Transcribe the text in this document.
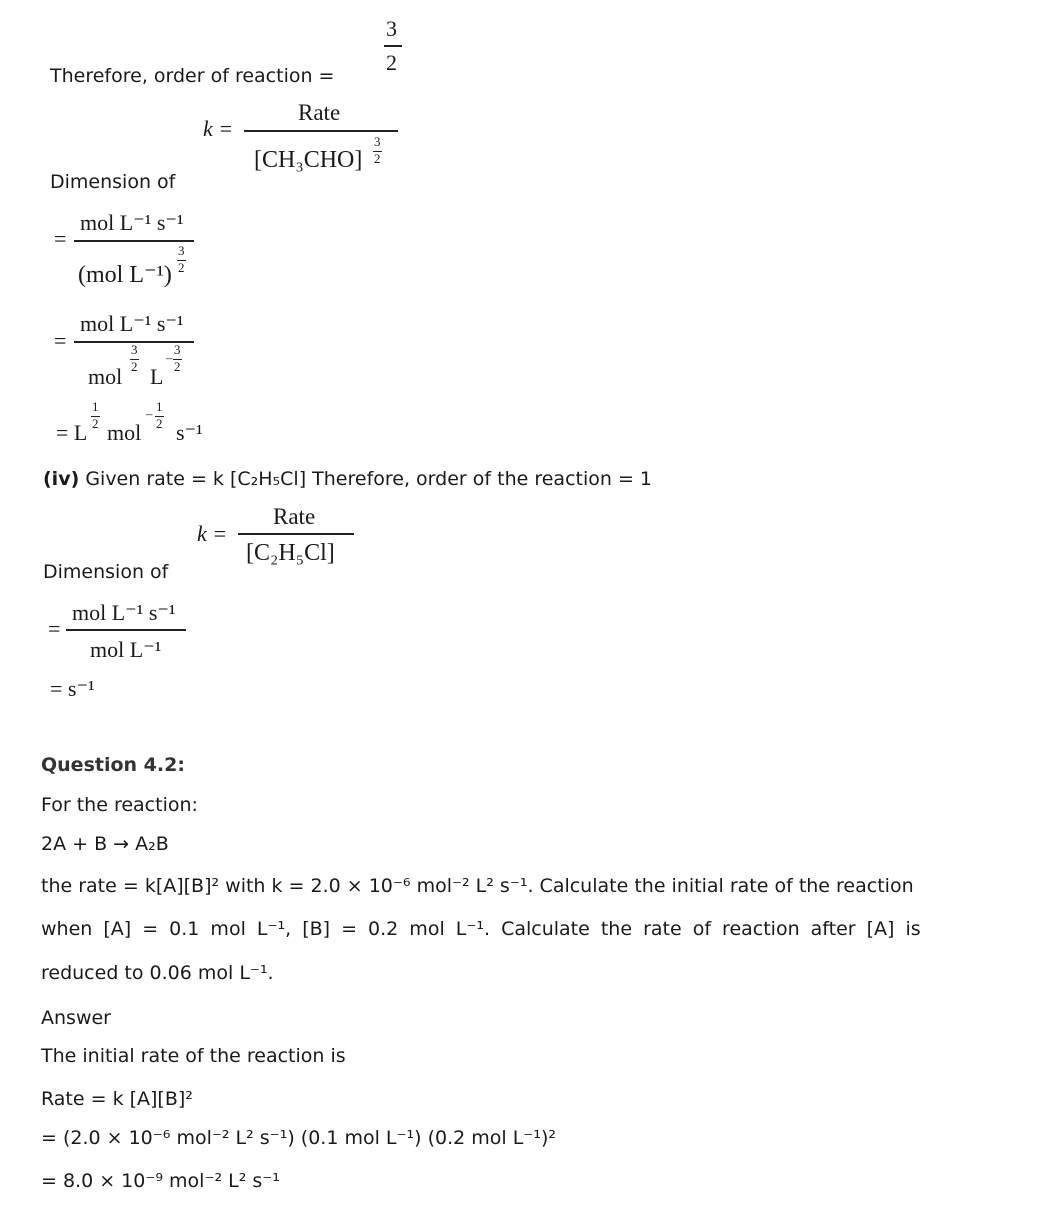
3
2
Therefore, order of reaction =
k =
Rate
[CH₃CHO]
3
2
Dimension of
=
mol L⁻¹ s⁻¹
(mol L⁻¹)
3
2
=
mol L⁻¹ s⁻¹
mol
3
2 L
–
3
2
= L
1
2 mol
– 1
2 s⁻¹
(iv) Given rate = k [C₂H₅Cl] Therefore, order of the reaction = 1
k =
Rate
[C₂H₅Cl]
Dimension of
=
mol L⁻¹ s⁻¹
mol L⁻¹
= s⁻¹
Question 4.2:
For the reaction:
2A + B → A₂B
the rate = k[A][B]² with k = 2.0 × 10⁻⁶ mol⁻² L² s⁻¹. Calculate the initial rate of the reaction
when [A] = 0.1 mol L⁻¹, [B] = 0.2 mol L⁻¹. Calculate the rate of reaction after [A] is
reduced to 0.06 mol L⁻¹.
Answer
The initial rate of the reaction is
Rate = k [A][B]²
= (2.0 × 10⁻⁶ mol⁻² L² s⁻¹) (0.1 mol L⁻¹) (0.2 mol L⁻¹)²
= 8.0 × 10⁻⁹ mol⁻² L² s⁻¹
